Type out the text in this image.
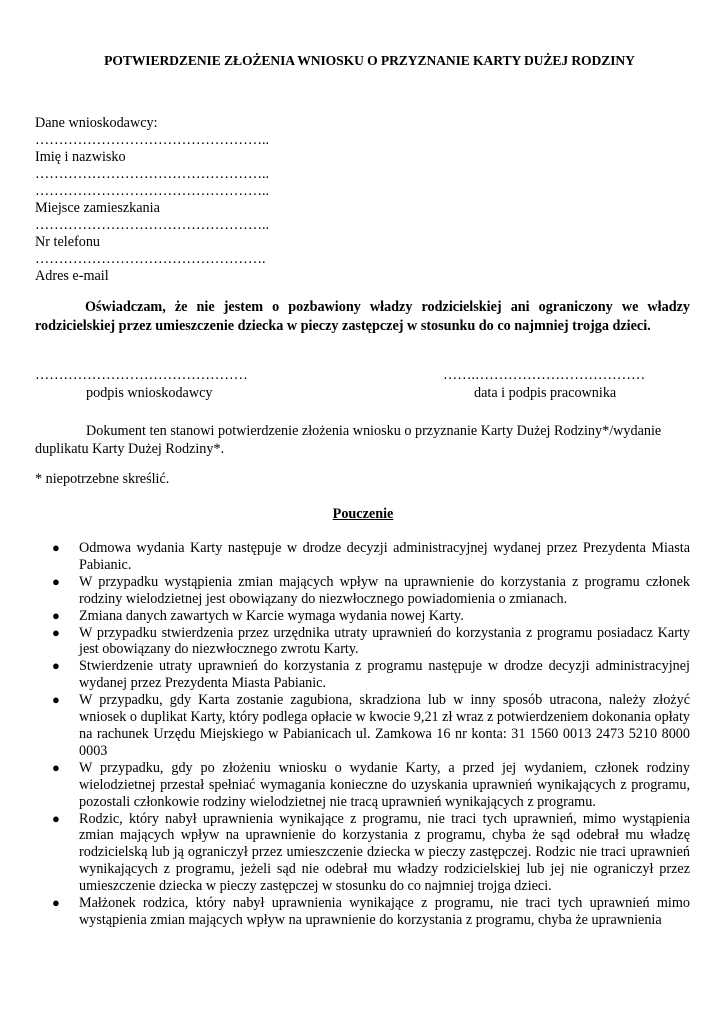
POTWIERDZENIE ZŁOŻENIA WNIOSKU O PRZYZNANIE KARTY DUŻEJ RODZINY
Dane wnioskodawcy:
…………………………………………..
Imię i nazwisko
…………………………………………..
…………………………………………..
Miejsce zamieszkania
…………………………………………..
Nr telefonu
………………………………………….
Adres e-mail
Oświadczam, że nie jestem o pozbawiony władzy rodzicielskiej ani ograniczony we władzy rodzicielskiej przez umieszczenie dziecka w pieczy zastępczej w stosunku do co najmniej trojga dzieci.
………………………………………	…….………………………………
podpis wnioskodawcy	data i podpis pracownika
Dokument ten stanowi potwierdzenie złożenia wniosku o przyznanie Karty Dużej Rodziny*/wydanie duplikatu Karty Dużej Rodziny*.
* niepotrzebne skreślić.
Pouczenie
● Odmowa wydania Karty następuje w drodze decyzji administracyjnej wydanej przez Prezydenta Miasta Pabianic.
● W przypadku wystąpienia zmian mających wpływ na uprawnienie do korzystania z programu członek rodziny wielodzietnej jest obowiązany do niezwłocznego powiadomienia o zmianach.
● Zmiana danych zawartych w Karcie wymaga wydania nowej Karty.
● W przypadku stwierdzenia przez urzędnika utraty uprawnień do korzystania z programu posiadacz Karty jest obowiązany do niezwłocznego zwrotu Karty.
● Stwierdzenie utraty uprawnień do korzystania z programu następuje w drodze decyzji administracyjnej wydanej przez Prezydenta Miasta Pabianic.
● W przypadku, gdy Karta zostanie zagubiona, skradziona lub w inny sposób utracona, należy złożyć wniosek o duplikat Karty, który podlega opłacie w kwocie 9,21 zł wraz z potwierdzeniem dokonania opłaty na rachunek Urzędu Miejskiego w Pabianicach ul. Zamkowa 16 nr konta: 31 1560 0013 2473 5210 8000 0003
● W przypadku, gdy po złożeniu wniosku o wydanie Karty, a przed jej wydaniem, członek rodziny wielodzietnej przestał spełniać wymagania konieczne do uzyskania uprawnień wynikających z programu, pozostali członkowie rodziny wielodzietnej nie tracą uprawnień wynikających z programu.
● Rodzic, który nabył uprawnienia wynikające z programu, nie traci tych uprawnień, mimo wystąpienia zmian mających wpływ na uprawnienie do korzystania z programu, chyba że sąd odebrał mu władzę rodzicielską lub ją ograniczył przez umieszczenie dziecka w pieczy zastępczej. Rodzic nie traci uprawnień wynikających z programu, jeżeli sąd nie odebrał mu władzy rodzicielskiej lub jej nie ograniczył przez umieszczenie dziecka w pieczy zastępczej w stosunku do co najmniej trojga dzieci.
● Małżonek rodzica, który nabył uprawnienia wynikające z programu, nie traci tych uprawnień mimo wystąpienia zmian mających wpływ na uprawnienie do korzystania z programu, chyba że uprawnienia
